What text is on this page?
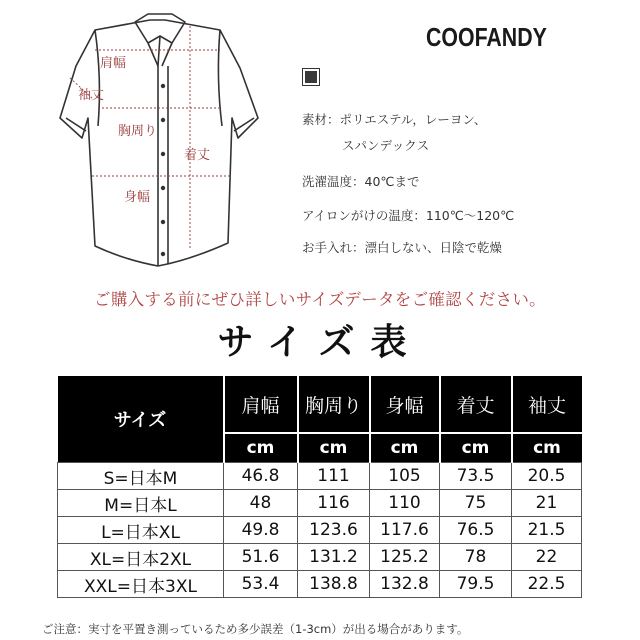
肩幅
袖丈
胸周り
着丈
身幅
COOFANDY
素材：ポリエステル，レーヨン、
スパンデックス
洗濯温度：40℃まで
アイロンがけの温度：110℃～120℃
お手入れ：漂白しない、日陰で乾燥
ご購入する前にぜひ詳しいサイズデータをご確認ください。
サイズ表
サイズ	肩幅	胸周り	身幅	着丈	袖丈
	cm	cm	cm	cm	cm
S=日本M	46.8	111	105	73.5	20.5
M=日本L	48	116	110	75	21
L=日本XL	49.8	123.6	117.6	76.5	21.5
XL=日本2XL	51.6	131.2	125.2	78	22
XXL=日本3XL	53.4	138.8	132.8	79.5	22.5
ご注意：実寸を平置き測っているため多少誤差（1-3cm）が出る場合があります。
